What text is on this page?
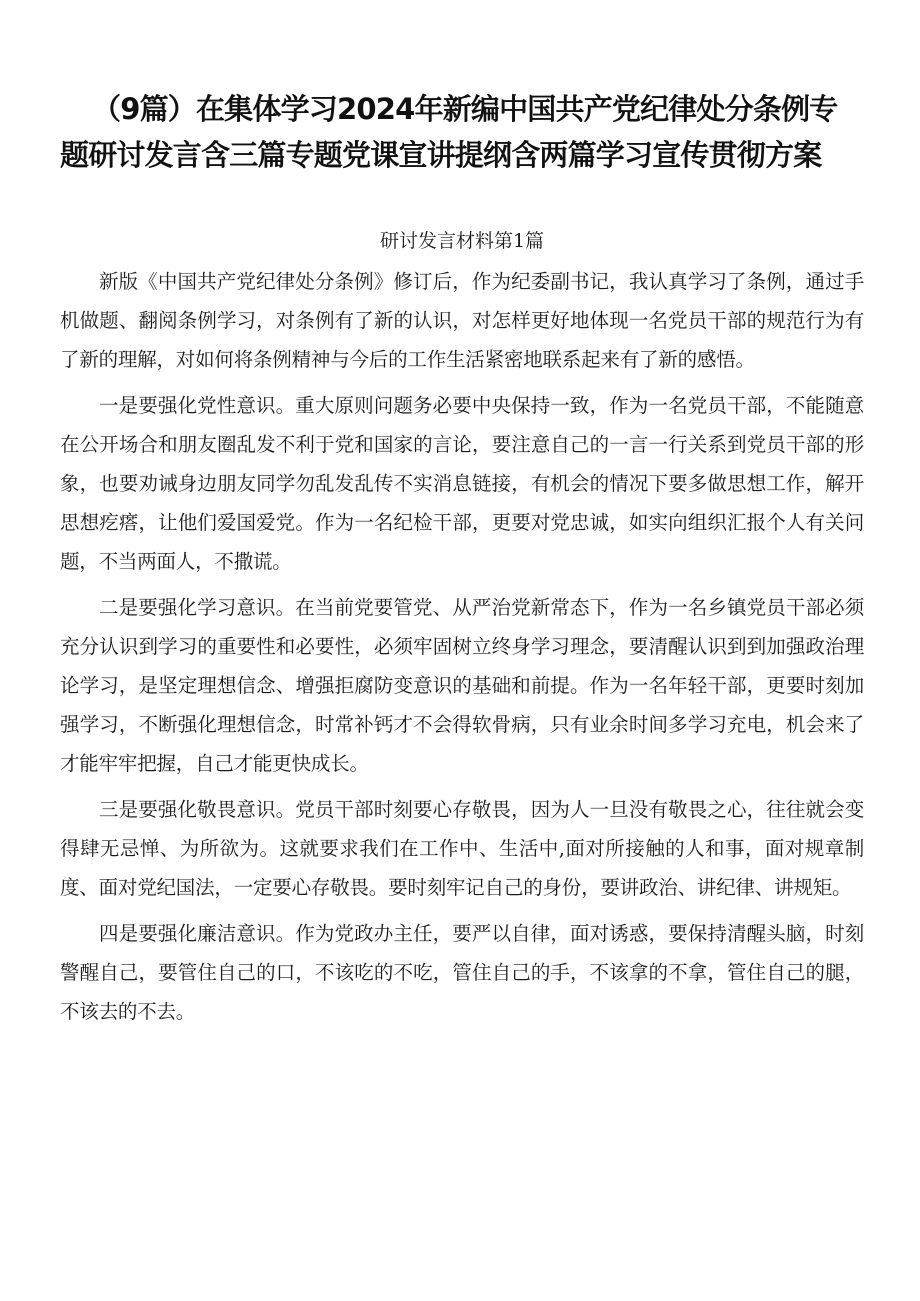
（9篇）在集体学习2024年新编中国共产党纪律处分条例专
题研讨发言含三篇专题党课宣讲提纲含两篇学习宣传贯彻方案
研讨发言材料第1篇

新版《中国共产党纪律处分条例》修订后，作为纪委副书记，我认真学习了条例，通过手机做题、翻阅条例学习，对条例有了新的认识，对怎样更好地体现一名党员干部的规范行为有了新的理解，对如何将条例精神与今后的工作生活紧密地联系起来有了新的感悟。

一是要强化党性意识。重大原则问题务必要中央保持一致，作为一名党员干部，不能随意在公开场合和朋友圈乱发不利于党和国家的言论，要注意自己的一言一行关系到党员干部的形象，也要劝诫身边朋友同学勿乱发乱传不实消息链接，有机会的情况下要多做思想工作，解开思想疙瘩，让他们爱国爱党。作为一名纪检干部，更要对党忠诚，如实向组织汇报个人有关问题，不当两面人，不撒谎。

二是要强化学习意识。在当前党要管党、从严治党新常态下，作为一名乡镇党员干部必须充分认识到学习的重要性和必要性，必须牢固树立终身学习理念，要清醒认识到到加强政治理论学习，是坚定理想信念、增强拒腐防变意识的基础和前提。作为一名年轻干部，更要时刻加强学习，不断强化理想信念，时常补钙才不会得软骨病，只有业余时间多学习充电，机会来了才能牢牢把握，自己才能更快成长。

三是要强化敬畏意识。党员干部时刻要心存敬畏，因为人一旦没有敬畏之心，往往就会变得肆无忌惮、为所欲为。这就要求我们在工作中、生活中,面对所接触的人和事，面对规章制度、面对党纪国法，一定要心存敬畏。要时刻牢记自己的身份，要讲政治、讲纪律、讲规矩。

四是要强化廉洁意识。作为党政办主任，要严以自律，面对诱惑，要保持清醒头脑，时刻警醒自己，要管住自己的口，不该吃的不吃，管住自己的手，不该拿的不拿，管住自己的腿，不该去的不去。
